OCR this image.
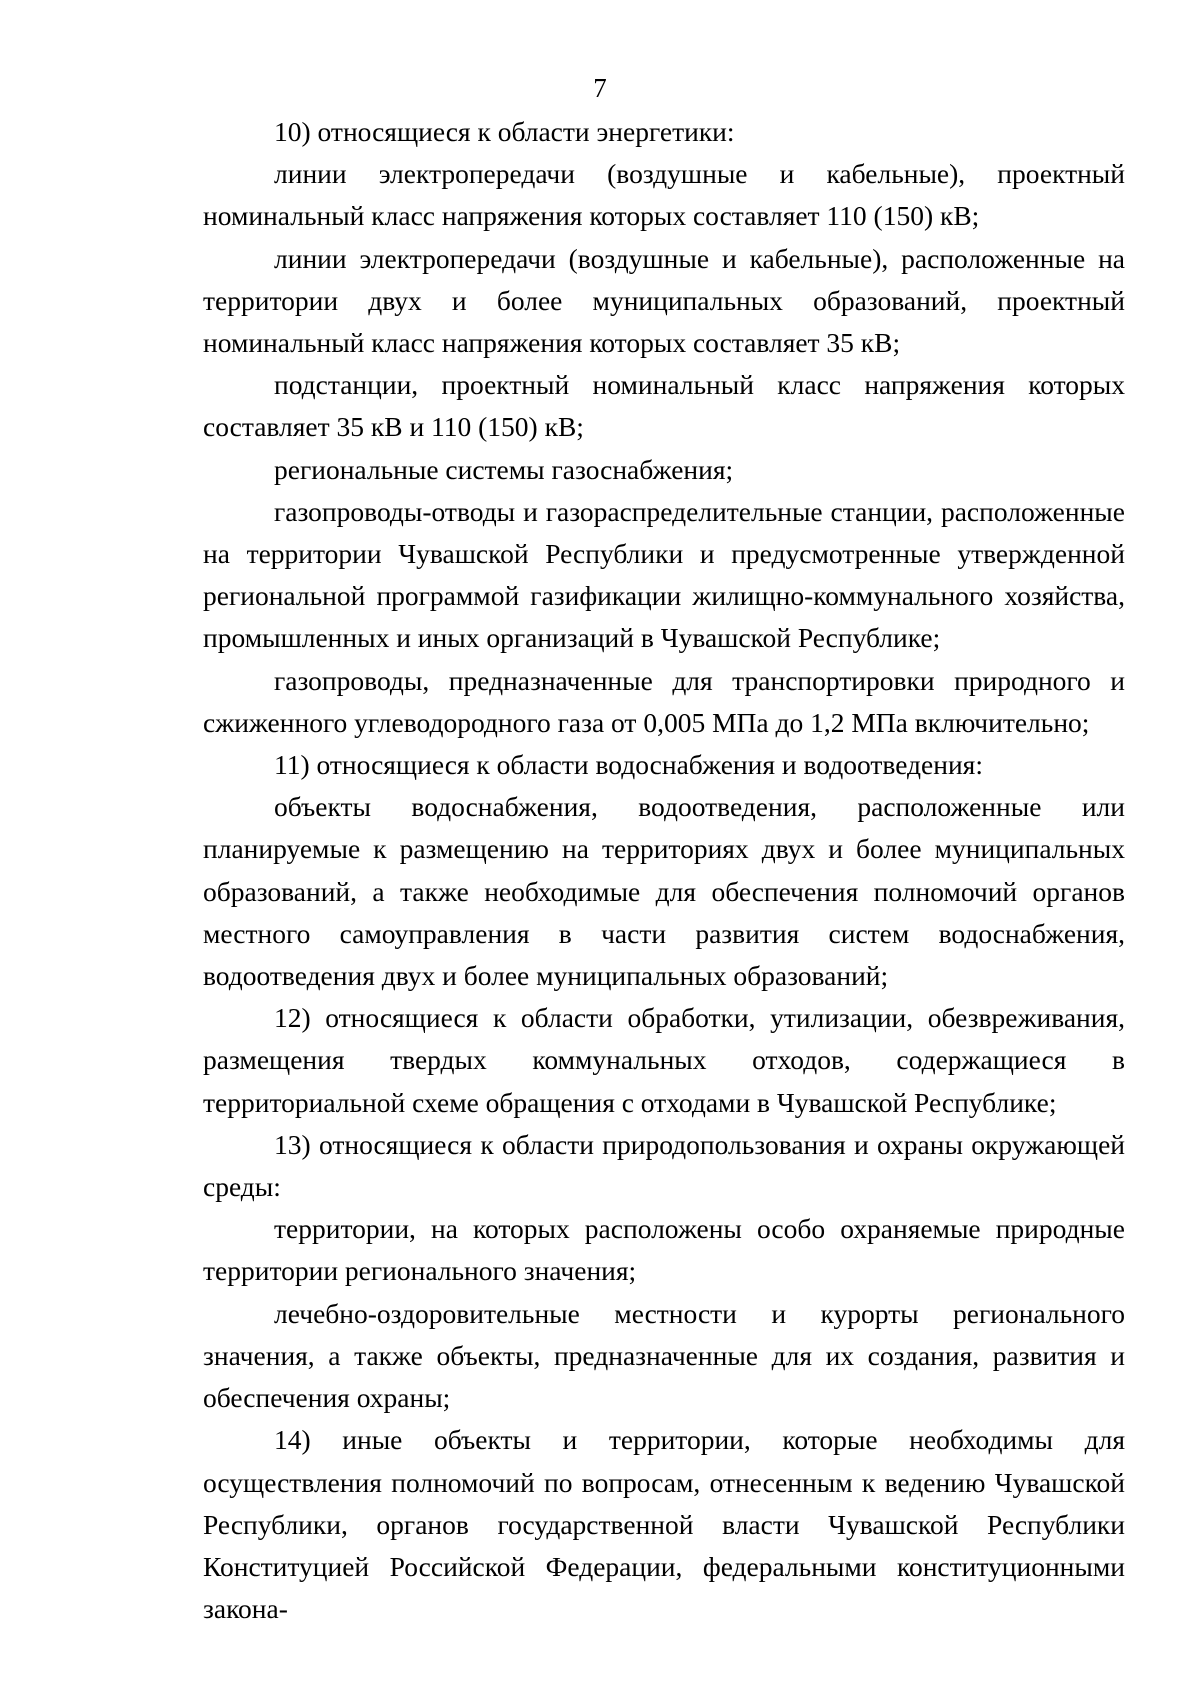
7

10) относящиеся к области энергетики:

линии электропередачи (воздушные и кабельные), проектный номинальный класс напряжения которых составляет 110 (150) кВ;

линии электропередачи (воздушные и кабельные), расположенные на территории двух и более муниципальных образований, проектный номинальный класс напряжения которых составляет 35 кВ;

подстанции, проектный номинальный класс напряжения которых составляет 35 кВ и 110 (150) кВ;

региональные системы газоснабжения;

газопроводы-отводы и газораспределительные станции, расположенные на территории Чувашской Республики и предусмотренные утвержденной региональной программой газификации жилищно-коммунального хозяйства, промышленных и иных организаций в Чувашской Республике;

газопроводы, предназначенные для транспортировки природного и сжиженного углеводородного газа от 0,005 МПа до 1,2 МПа включительно;

11) относящиеся к области водоснабжения и водоотведения:

объекты водоснабжения, водоотведения, расположенные или планируемые к размещению на территориях двух и более муниципальных образований, а также необходимые для обеспечения полномочий органов местного самоуправления в части развития систем водоснабжения, водоотведения двух и более муниципальных образований;

12) относящиеся к области обработки, утилизации, обезвреживания, размещения твердых коммунальных отходов, содержащиеся в территориальной схеме обращения с отходами в Чувашской Республике;

13) относящиеся к области природопользования и охраны окружающей среды:

территории, на которых расположены особо охраняемые природные территории регионального значения;

лечебно-оздоровительные местности и курорты регионального значения, а также объекты, предназначенные для их создания, развития и обеспечения охраны;

14) иные объекты и территории, которые необходимы для осуществления полномочий по вопросам, отнесенным к ведению Чувашской Республики, органов государственной власти Чувашской Республики Конституцией Российской Федерации, федеральными конституционными закона-
